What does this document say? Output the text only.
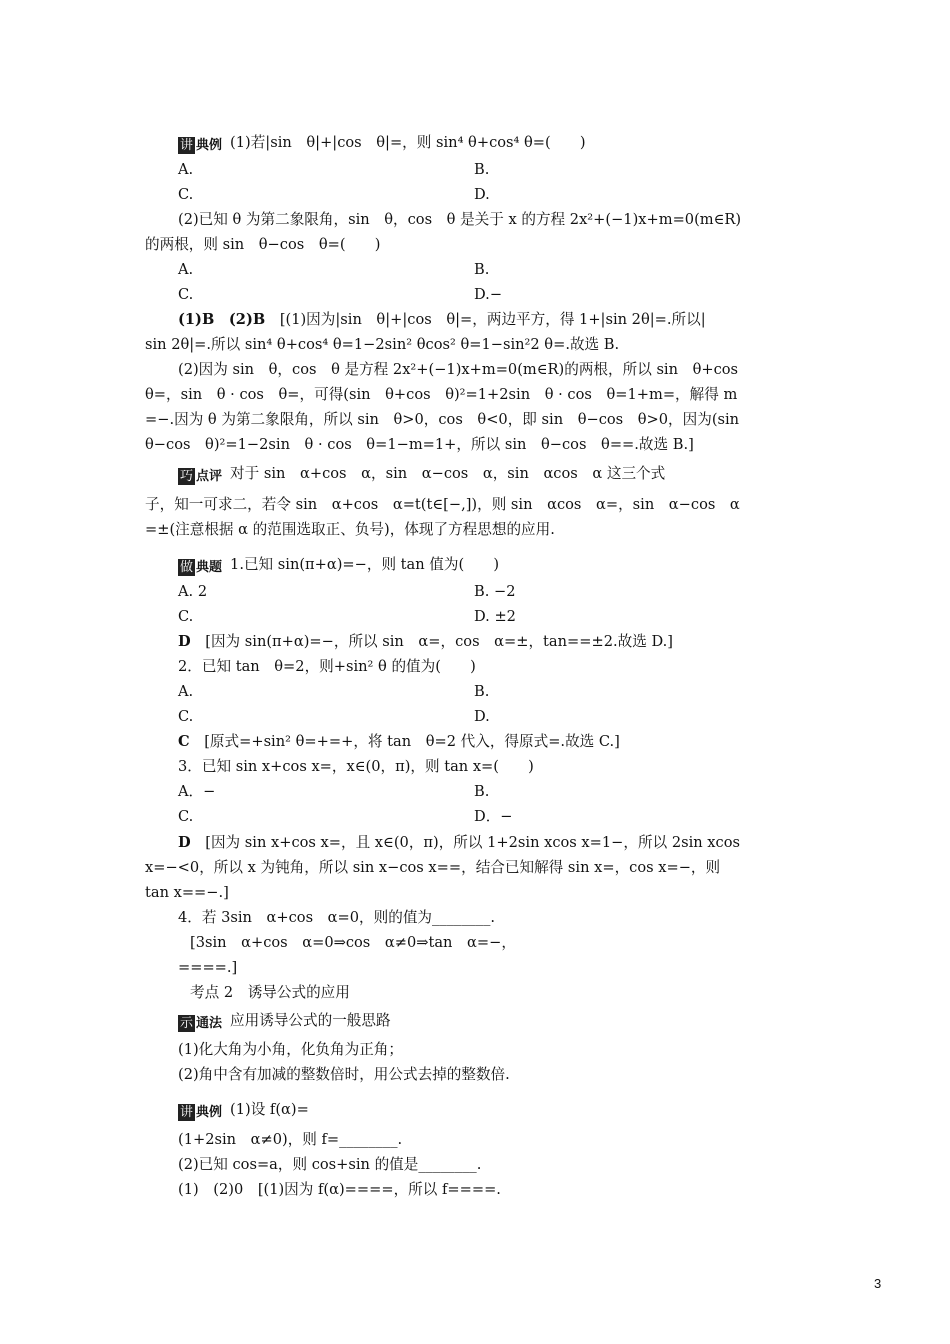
讲 典例 (1)若|sin　θ|+|cos　θ|=，则 sin⁴ θ+cos⁴ θ=(　　)
A.	B.
C.	D.
(2)已知 θ 为第二象限角，sin　θ，cos　θ 是关于 x 的方程 2x²+(−1)x+m=0(m∈R)
的两根，则 sin　θ−cos　θ=(　　)
A.	B.
C.	D.−
(1)B　(2)B　 [(1)因为|sin　θ|+|cos　θ|=，两边平方，得 1+|sin 2θ|=.所以|
sin 2θ|=.所以 sin⁴ θ+cos⁴ θ=1−2sin² θcos² θ=1−sin²2 θ=.故选 B.
(2)因为 sin　θ，cos　θ 是方程 2x²+(−1)x+m=0(m∈R)的两根，所以 sin　θ+cos
θ=，sin　θ · cos　θ=，可得(sin　θ+cos　θ)²=1+2sin　θ · cos　θ=1+m=，解得 m
=−.因为 θ 为第二象限角，所以 sin　θ>0，cos　θ<0，即 sin　θ−cos　θ>0，因为(sin
θ−cos　θ)²=1−2sin　θ · cos　θ=1−m=1+，所以 sin　θ−cos　θ==.故选 B.]
巧 点评 对于 sin　α+cos　α，sin　α−cos　α，sin　αcos　α 这三个式
子，知一可求二，若令 sin　α+cos　α=t(t∈[−,])，则 sin　αcos　α=，sin　α−cos　α
=±(注意根据 α 的范围选取正、负号)，体现了方程思想的应用.
做 典题 1.已知 sin(π+α)=−，则 tan 值为(　　)
A. 2	B. −2
C.	D. ±2
D　 [因为 sin(π+α)=−，所以 sin　α=，cos　α=±，tan==±2.故选 D.]
2．已知 tan　θ=2，则+sin² θ 的值为(　　)
A.	B.
C.	D.
C　 [原式=+sin² θ=+=+，将 tan　θ=2 代入，得原式=.故选 C.]
3．已知 sin x+cos x=，x∈(0，π)，则 tan x=(　　)
A．−	B.
C.	D．−
D　 [因为 sin x+cos x=，且 x∈(0，π)，所以 1+2sin xcos x=1−，所以 2sin xcos
x=−<0，所以 x 为钝角，所以 sin x−cos x==，结合已知解得 sin x=，cos x=−，则
tan x==−.]
4．若 3sin　α+cos　α=0，则的值为________.
[3sin　α+cos　α=0⇒cos　α≠0⇒tan　α=−，
====.]
考点 2　诱导公式的应用
示 通法 应用诱导公式的一般思路
(1)化大角为小角，化负角为正角；
(2)角中含有加减的整数倍时，用公式去掉的整数倍.
讲 典例 (1)设 f(α)=
(1+2sin　α≠0)，则 f=________.
(2)已知 cos=a，则 cos+sin 的值是________.
(1)　(2)0　[(1)因为 f(α)====，所以 f====.
3
